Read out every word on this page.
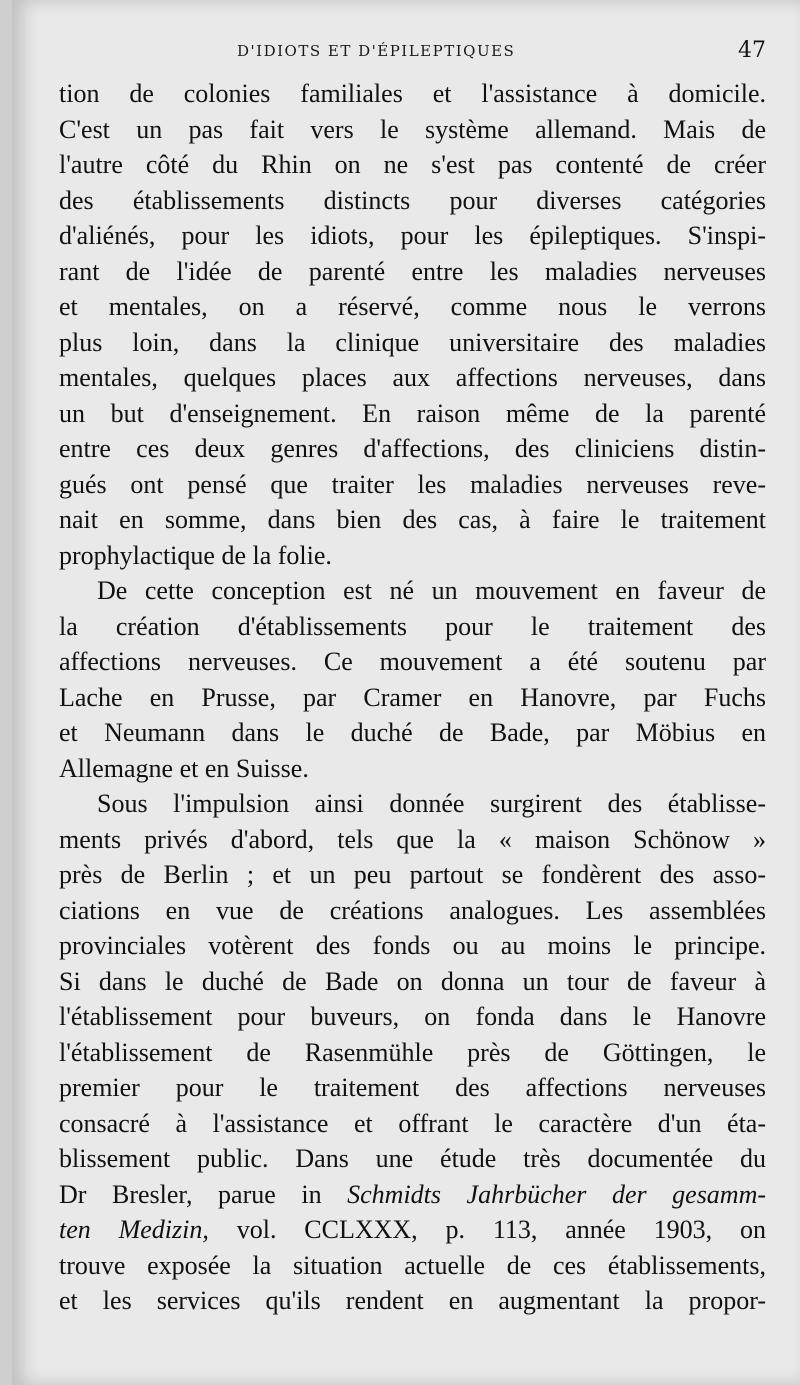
D'IDIOTS ET D'ÉPILEPTIQUES	47
tion de colonies familiales et l'assistance à domicile.
C'est un pas fait vers le système allemand. Mais de
l'autre côté du Rhin on ne s'est pas contenté de créer
des établissements distincts pour diverses catégories
d'aliénés, pour les idiots, pour les épileptiques. S'inspi-
rant de l'idée de parenté entre les maladies nerveuses
et mentales, on a réservé, comme nous le verrons
plus loin, dans la clinique universitaire des maladies
mentales, quelques places aux affections nerveuses, dans
un but d'enseignement. En raison même de la parenté
entre ces deux genres d'affections, des cliniciens distin-
gués ont pensé que traiter les maladies nerveuses reve-
nait en somme, dans bien des cas, à faire le traitement
prophylactique de la folie.
De cette conception est né un mouvement en faveur de
la création d'établissements pour le traitement des
affections nerveuses. Ce mouvement a été soutenu par
Lache en Prusse, par Cramer en Hanovre, par Fuchs
et Neumann dans le duché de Bade, par Möbius en
Allemagne et en Suisse.
Sous l'impulsion ainsi donnée surgirent des établisse-
ments privés d'abord, tels que la « maison Schönow »
près de Berlin ; et un peu partout se fondèrent des asso-
ciations en vue de créations analogues. Les assemblées
provinciales votèrent des fonds ou au moins le principe.
Si dans le duché de Bade on donna un tour de faveur à
l'établissement pour buveurs, on fonda dans le Hanovre
l'établissement de Rasenmühle près de Göttingen, le
premier pour le traitement des affections nerveuses
consacré à l'assistance et offrant le caractère d'un éta-
blissement public. Dans une étude très documentée du
Dr Bresler, parue in Schmidts Jahrbücher der gesamm-
ten Medizin, vol. CCLXXX, p. 113, année 1903, on
trouve exposée la situation actuelle de ces établissements,
et les services qu'ils rendent en augmentant la propor-
